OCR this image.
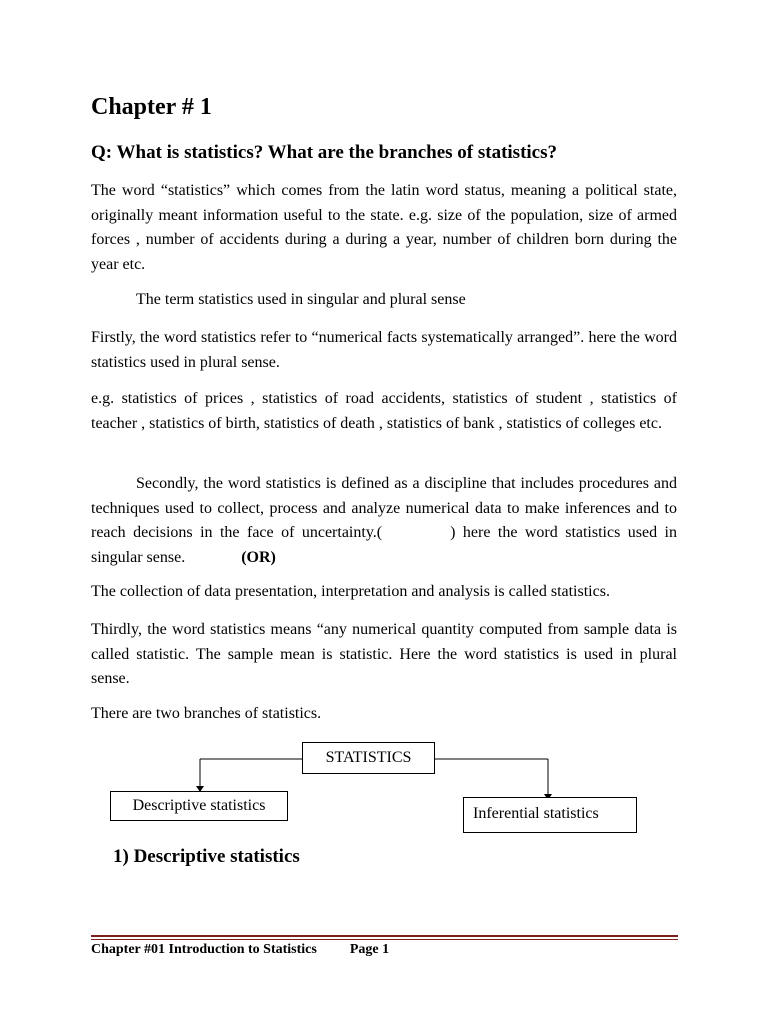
Chapter # 1
Q: What is statistics? What are the branches of statistics?

The word “statistics” which comes from the latin word status, meaning a political state, originally meant information useful to the state. e.g. size of the population, size of armed forces , number of accidents during a during a year, number of children born during the year etc.

The term statistics used in singular and plural sense

Firstly, the word statistics refer to “numerical facts systematically arranged”. here the word statistics used in plural sense.

e.g. statistics of prices , statistics of road accidents, statistics of student , statistics of teacher , statistics of birth, statistics of death , statistics of bank , statistics of colleges etc.

Secondly, the word statistics is defined as a discipline that includes procedures and techniques used to collect, process and analyze numerical data to make inferences and to reach decisions in the face of uncertainty.(	) here the word statistics used in singular sense.	(OR)

The collection of data presentation, interpretation and analysis is called statistics.

Thirdly, the word statistics means “any numerical quantity computed from sample data is called statistic. The sample mean is statistic. Here the word statistics is used in plural sense.

There are two branches of statistics.

STATISTICS
Descriptive statistics	Inferential statistics
1) Descriptive statistics
Chapter #01 Introduction to Statistics Page 1
